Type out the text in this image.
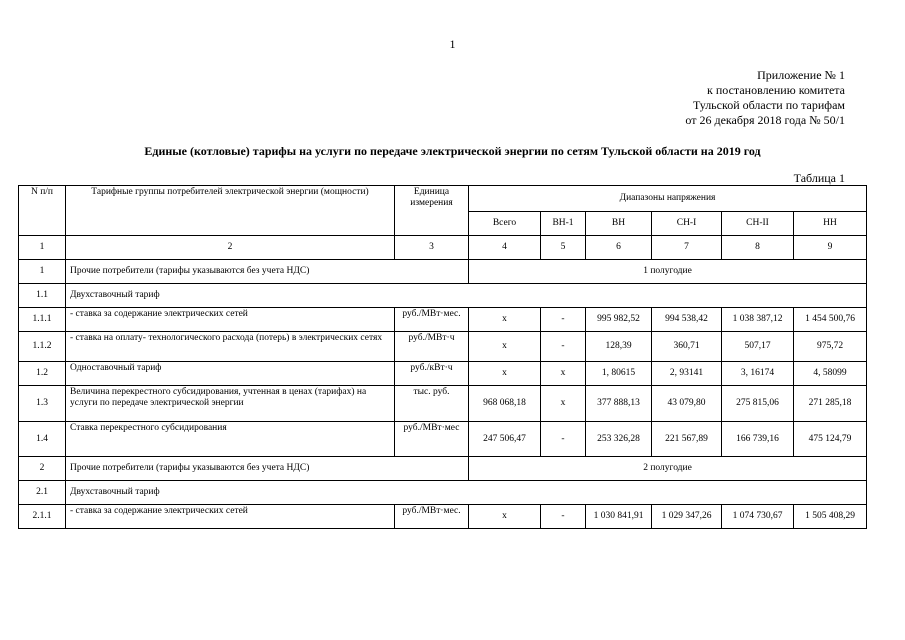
1
Приложение № 1
к постановлению комитета
Тульской области по тарифам
от 26 декабря 2018 года № 50/1
Единые (котловые) тарифы на услуги по передаче электрической энергии по сетям Тульской области на 2019 год
Таблица 1
N п/п	Тарифные группы потребителей электрической энергии (мощности)	Единица измерения	Диапазоны напряжения					
			Всего	ВН-1	ВН	СН-I	СН-II	НН
1	2	3	4	5	6	7	8	9
1	Прочие потребители (тарифы указываются без учета НДС)		1 полугодие					
1.1	Двухставочный тариф							
1.1.1	- ставка за содержание электрических сетей	руб./МВт·мес.	х	-	995 982,52	994 538,42	1 038 387,12	1 454 500,76
1.1.2	- ставка на оплату- технологического расхода (потерь) в электрических сетях	руб./МВт·ч	х	-	128,39	360,71	507,17	975,72
1.2	Одноставочный тариф	руб./кВт·ч	х	х	1, 80615	2, 93141	3, 16174	4, 58099
1.3	Величина перекрестного субсидирования, учтенная в ценах (тарифах) на услуги по передаче электрической энергии	тыс. руб.	968 068,18	х	377 888,13	43 079,80	275 815,06	271 285,18
1.4	Ставка перекрестного субсидирования	руб./МВт·мес	247 506,47	-	253 326,28	221 567,89	166 739,16	475 124,79
2	Прочие потребители (тарифы указываются без учета НДС)		2 полугодие					
2.1	Двухставочный тариф							
2.1.1	- ставка за содержание электрических сетей	руб./МВт·мес.	х	-	1 030 841,91	1 029 347,26	1 074 730,67	1 505 408,29
